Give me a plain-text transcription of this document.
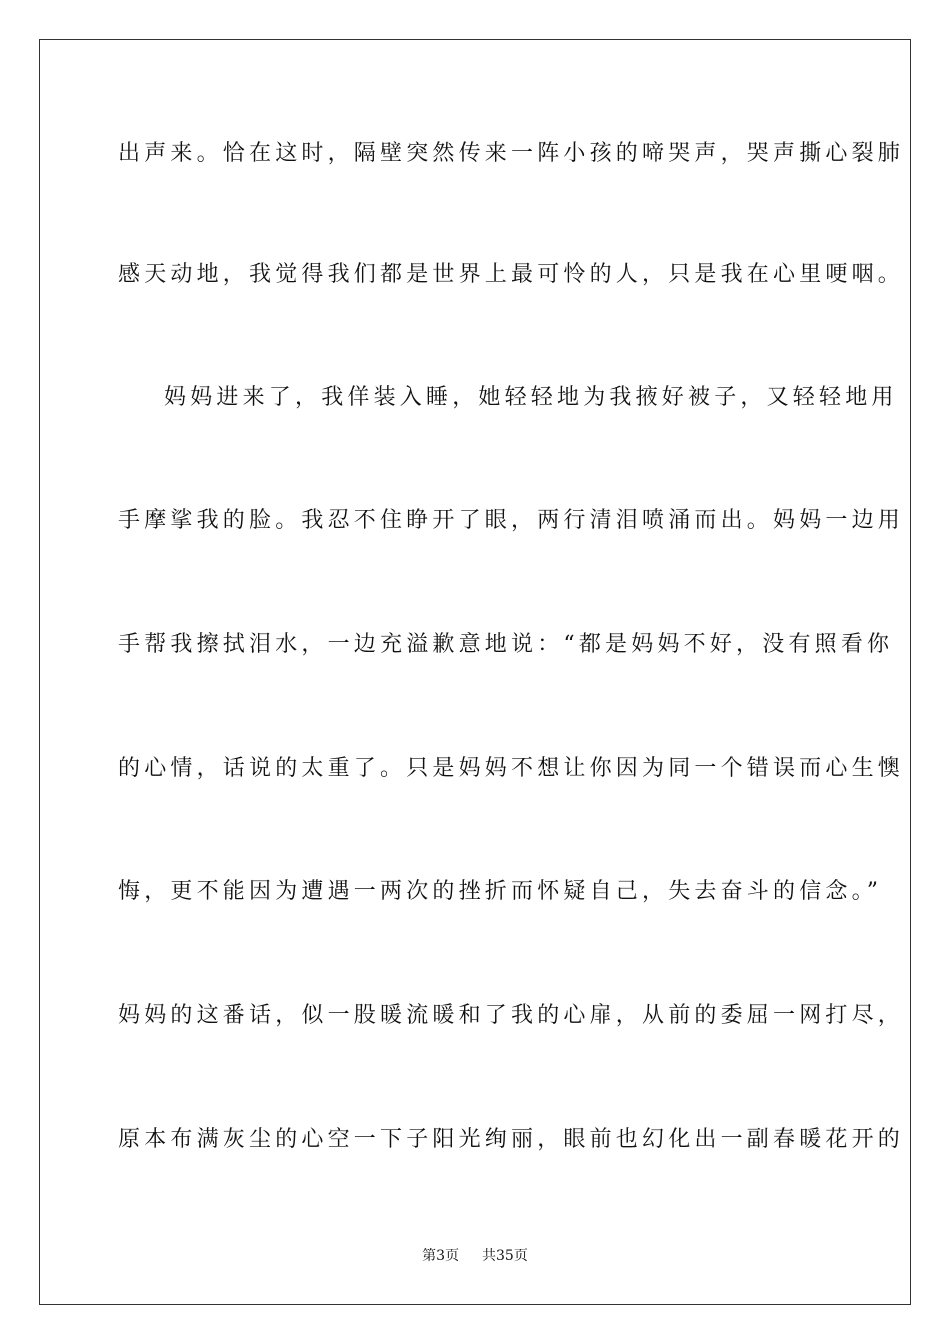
出声来。恰在这时，隔壁突然传来一阵小孩的啼哭声，哭声撕心裂肺
感天动地，我觉得我们都是世界上最可怜的人，只是我在心里哽咽。
妈妈进来了，我佯装入睡，她轻轻地为我掖好被子，又轻轻地用
手摩挲我的脸。我忍不住睁开了眼，两行清泪喷涌而出。妈妈一边用
手帮我擦拭泪水，一边充溢歉意地说：“都是妈妈不好，没有照看你
的心情，话说的太重了。只是妈妈不想让你因为同一个错误而心生懊
悔，更不能因为遭遇一两次的挫折而怀疑自己，失去奋斗的信念。”
妈妈的这番话，似一股暖流暖和了我的心扉，从前的委屈一网打尽，
原本布满灰尘的心空一下子阳光绚丽，眼前也幻化出一副春暖花开的
第3页 共35页
